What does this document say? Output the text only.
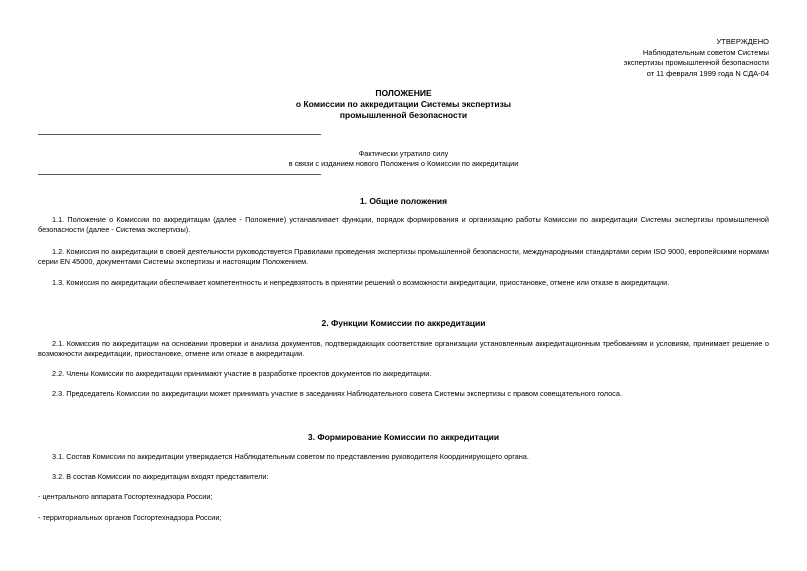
УТВЕРЖДЕНО
Наблюдательным советом Системы
экспертизы промышленной безопасности
от 11 февраля 1999 года N СДА-04
ПОЛОЖЕНИЕ
о Комиссии по аккредитации Системы экспертизы
промышленной безопасности
Фактически утратило силу
в связи с изданием нового Положения о Комиссии по аккредитации
1. Общие положения
1.1. Положение о Комиссии по аккредитации (далее - Положение) устанавливает функции, порядок формирования и организацию работы Комиссии по аккредитации Системы экспертизы промышленной безопасности (далее - Система экспертизы).
1.2. Комиссия по аккредитации в своей деятельности руководствуется Правилами проведения экспертизы промышленной безопасности, международными стандартами серии ISO 9000, европейскими нормами серии EN 45000, документами Системы экспертизы и настоящим Положением.
1.3. Комиссия по аккредитации обеспечивает компетентность и непредвзятость в принятии решений о возможности аккредитации, приостановке, отмене или отказе в аккредитации.
2. Функции Комиссии по аккредитации
2.1. Комиссия по аккредитации на основании проверки и анализа документов, подтверждающих соответствие организации установленным аккредитационным требованиям и условиям, принимает решение о возможности аккредитации, приостановке, отмене или отказе в аккредитации.
2.2. Члены Комиссии по аккредитации принимают участие в разработке проектов документов по аккредитации.
2.3. Председатель Комиссии по аккредитации может принимать участие в заседаниях Наблюдательного совета Системы экспертизы с правом совещательного голоса.
3. Формирование Комиссии по аккредитации
3.1. Состав Комиссии по аккредитации утверждается Наблюдательным советом по представлению руководителя Координирующего органа.
3.2. В состав Комиссии по аккредитации входят представители:
- центрального аппарата Госгортехнадзора России;
- территориальных органов Госгортехнадзора России;
